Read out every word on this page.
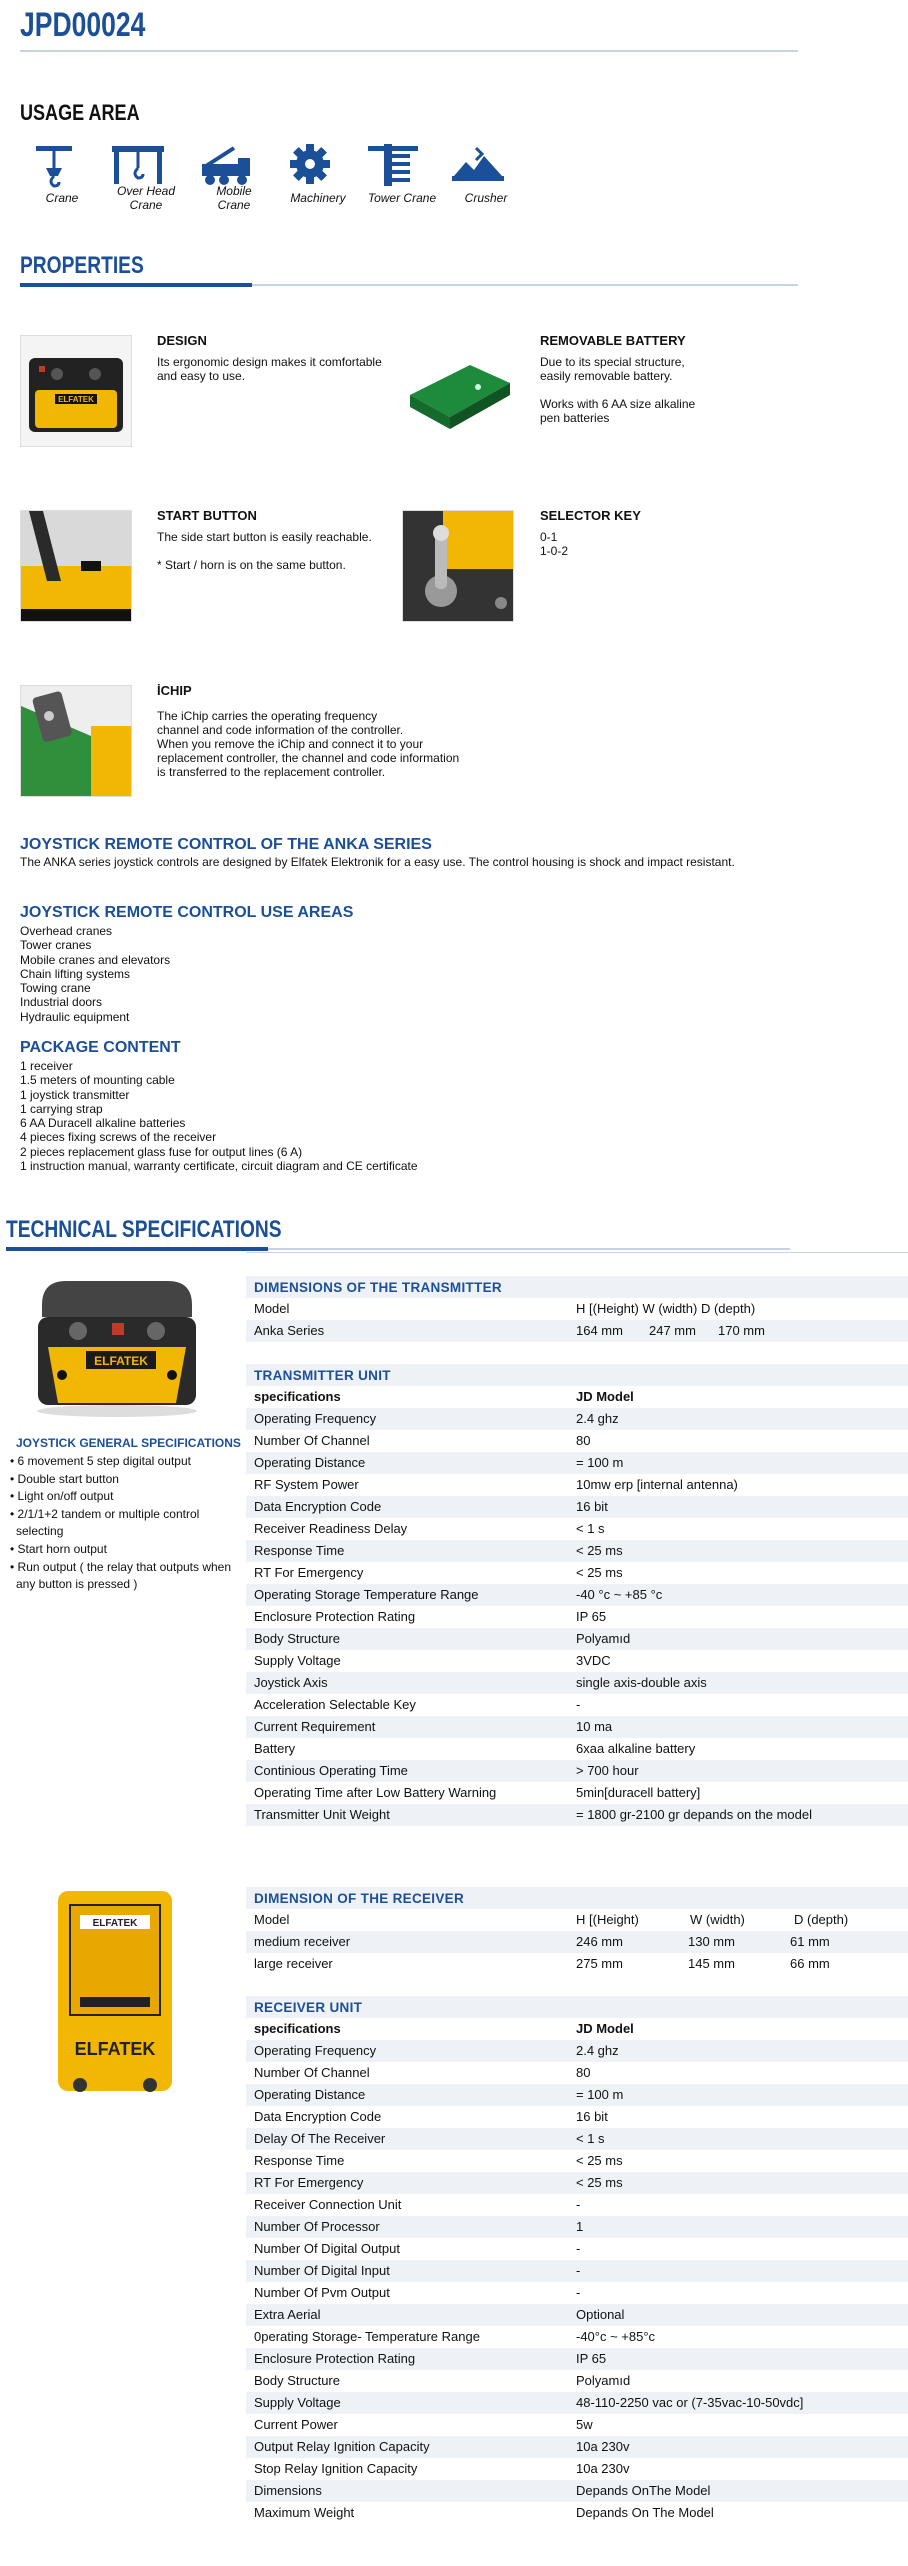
JPD00024
USAGE AREA
Crane	Over Head
Crane
Mobile
Crane	Machinery	Tower Crane	Crusher
PROPERTIES
ELFATEK
DESIGN
Its ergonomic design makes it comfortable
and easy to use.
REMOVABLE BATTERY
Due to its special structure,
easily removable battery.

Works with 6 AA size alkaline
pen batteries
START BUTTON
The side start button is easily reachable.

* Start / horn is on the same button.
SELECTOR KEY
0-1
1-0-2
İCHIP
The iChip carries the operating frequency
channel and code information of the controller.
When you remove the iChip and connect it to your
replacement controller, the channel and code information
is transferred to the replacement controller.
JOYSTICK REMOTE CONTROL OF THE ANKA SERIES
The ANKA series joystick controls are designed by Elfatek Elektronik for a easy use. The control housing is shock and impact resistant.
JOYSTICK REMOTE CONTROL USE AREAS
Overhead cranes
Tower cranes
Mobile cranes and elevators
Chain lifting systems
Towing crane
Industrial doors
Hydraulic equipment
PACKAGE CONTENT
1 receiver
1.5 meters of mounting cable
1 joystick transmitter
1 carrying strap
6 AA Duracell alkaline batteries
4 pieces fixing screws of the receiver
2 pieces replacement glass fuse for output lines (6 A)
1 instruction manual, warranty certificate, circuit diagram and CE certificate
TECHNICAL SPECIFICATIONS
ELFATEK
JOYSTICK GENERAL SPECIFICATIONS
• 6 movement 5 step digital output
• Double start button
• Light on/off output
• 2/1/1+2 tandem or multiple control
selecting
• Start horn output
• Run output ( the relay that outputs when
any button is pressed )
DIMENSIONS OF THE TRANSMITTER
Model	H [(Height) W (width) D (depth)
Anka Series	164 mm 247 mm 170 mm
TRANSMITTER UNIT
specifications	JD Model
Operating Frequency	2.4 ghz
Number Of Channel	80
Operating Distance	= 100 m
RF System Power	10mw erp [internal antenna)
Data Encryption Code	16 bit
Receiver Readiness Delay	< 1 s
Response Time	< 25 ms
RT For Emergency	< 25 ms
Operating Storage Temperature Range	-40 °c ~ +85 °c
Enclosure Protection Rating	IP 65
Body Structure	Polyamıd
Supply Voltage	3VDC
Joystick Axis	single axis-double axis
Acceleration Selectable Key	-
Current Requirement	10 ma
Battery	6xaa alkaline battery
Continious Operating Time	> 700 hour
Operating Time after Low Battery Warning	5min[duracell battery]
Transmitter Unit Weight	= 1800 gr-2100 gr depands on the model
ELFATEK
ELFATEK
DIMENSION OF THE RECEIVER
Model	H [(Height)	W (width)	D (depth)
medium receiver	246 mm	130 mm	61 mm
large receiver	275 mm	145 mm	66 mm
RECEIVER UNIT
specifications	JD Model
Operating Frequency	2.4 ghz
Number Of Channel	80
Operating Distance	= 100 m
Data Encryption Code	16 bit
Delay Of The Receiver	< 1 s
Response Time	< 25 ms
RT For Emergency	< 25 ms
Receiver Connection Unit	-
Number Of Processor	1
Number Of Digital Output	-
Number Of Digital Input	-
Number Of Pvm Output	-
Extra Aerial	Optional
0perating Storage- Temperature Range	-40°c ~ +85°c
Enclosure Protection Rating	IP 65
Body Structure	Polyamıd
Supply Voltage	48-110-2250 vac or (7-35vac-10-50vdc]
Current Power	5w
Output Relay Ignition Capacity	10a 230v
Stop Relay Ignition Capacity	10a 230v
Dimensions	Depands OnThe Model
Maximum Weight	Depands On The Model
